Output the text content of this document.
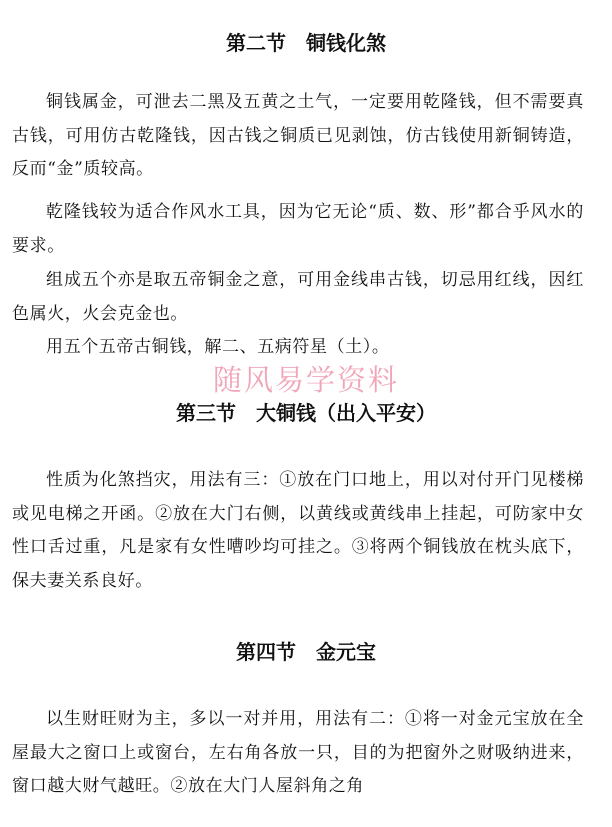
第二节　铜钱化煞

铜钱属金，可泄去二黑及五黄之土气，一定要用乾隆钱，但不需要真古钱，可用仿古乾隆钱，因古钱之铜质已见剥蚀，仿古钱使用新铜铸造，反而“金”质较高。

乾隆钱较为适合作风水工具，因为它无论“质、数、形”都合乎风水的要求。

组成五个亦是取五帝铜金之意，可用金线串古钱，切忌用红线，因红色属火，火会克金也。

用五个五帝古铜钱，解二、五病符星（土）。

随风易学资料
第三节　大铜钱（出入平安）

性质为化煞挡灾，用法有三：①放在门口地上，用以对付开门见楼梯或见电梯之开函。②放在大门右侧，以黄线或黄线串上挂起，可防家中女性口舌过重，凡是家有女性嘈吵均可挂之。③将两个铜钱放在枕头底下，保夫妻关系良好。

第四节　金元宝

以生财旺财为主，多以一对并用，用法有二：①将一对金元宝放在全屋最大之窗口上或窗台，左右角各放一只，目的为把窗外之财吸纳进来，窗口越大财气越旺。②放在大门人屋斜角之角
